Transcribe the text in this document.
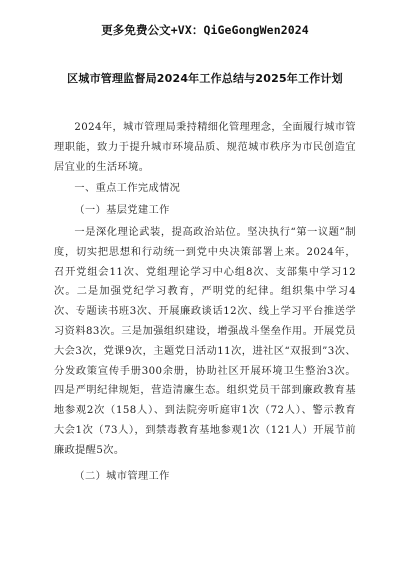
更多免费公文+VX：QiGeGongWen2024
区城市管理监督局2024年工作总结与2025年工作计划

2024年，城市管理局秉持精细化管理理念，全面履行城市管理职能，致力于提升城市环境品质、规范城市秩序为市民创造宜居宜业的生活环境。

一、重点工作完成情况

（一）基层党建工作

一是深化理论武装，提高政治站位。坚决执行“第一议题”制度，切实把思想和行动统一到党中央决策部署上来。2024年，召开党组会11次、党组理论学习中心组8次、支部集中学习12次。二是加强党纪学习教育，严明党的纪律。组织集中学习4次、专题读书班3次、开展廉政谈话12次、线上学习平台推送学习资料83次。三是加强组织建设，增强战斗堡垒作用。开展党员大会3次，党课9次，主题党日活动11次，进社区“双报到”3次、分发政策宣传手册300余册，协助社区开展环境卫生整治3次。四是严明纪律规矩，营造清廉生态。组织党员干部到廉政教育基地参观2次（158人）、到法院旁听庭审1次（72人）、警示教育大会1次（73人），到禁毒教育基地参观1次（121人）开展节前廉政提醒5次。

（二）城市管理工作
